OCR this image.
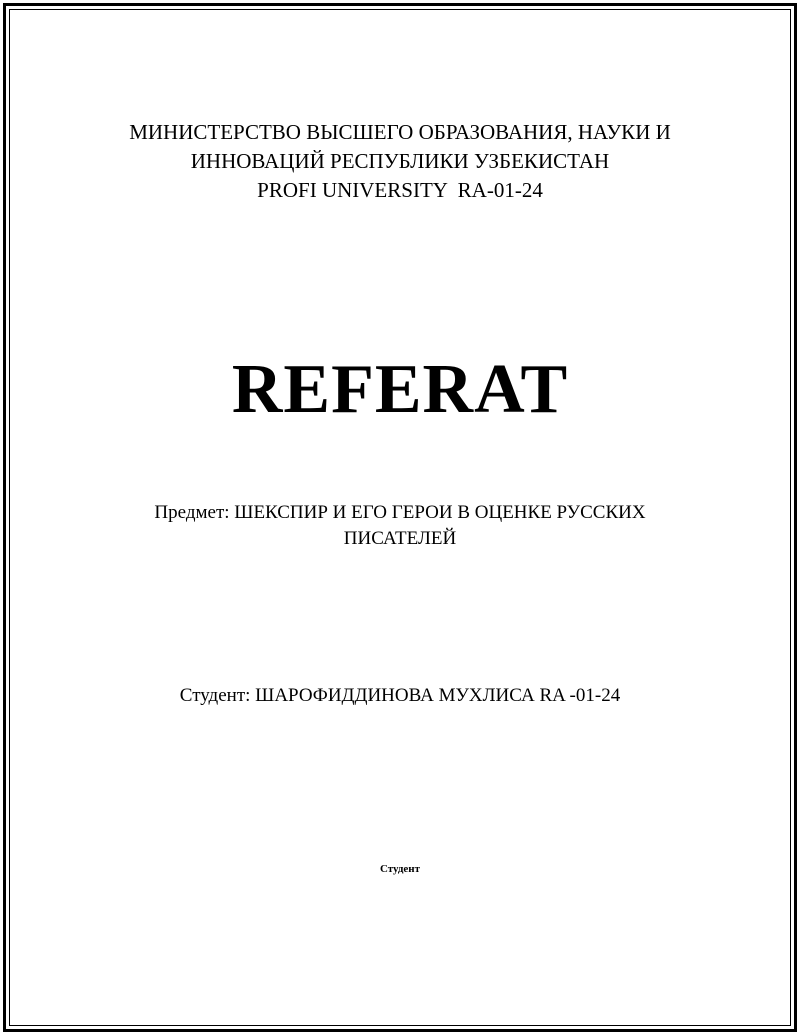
МИНИСТЕРСТВО ВЫСШЕГО ОБРАЗОВАНИЯ, НАУКИ И
ИННОВАЦИЙ РЕСПУБЛИКИ УЗБЕКИСТАН
PROFI UNIVERSITY  RA-01-24
REFERAT
Предмет: ШЕКСПИР И ЕГО ГЕРОИ В ОЦЕНКЕ РУССКИХ
ПИСАТЕЛЕЙ
Студент: ШАРОФИДДИНОВА МУХЛИСА RA -01-24
Студент
